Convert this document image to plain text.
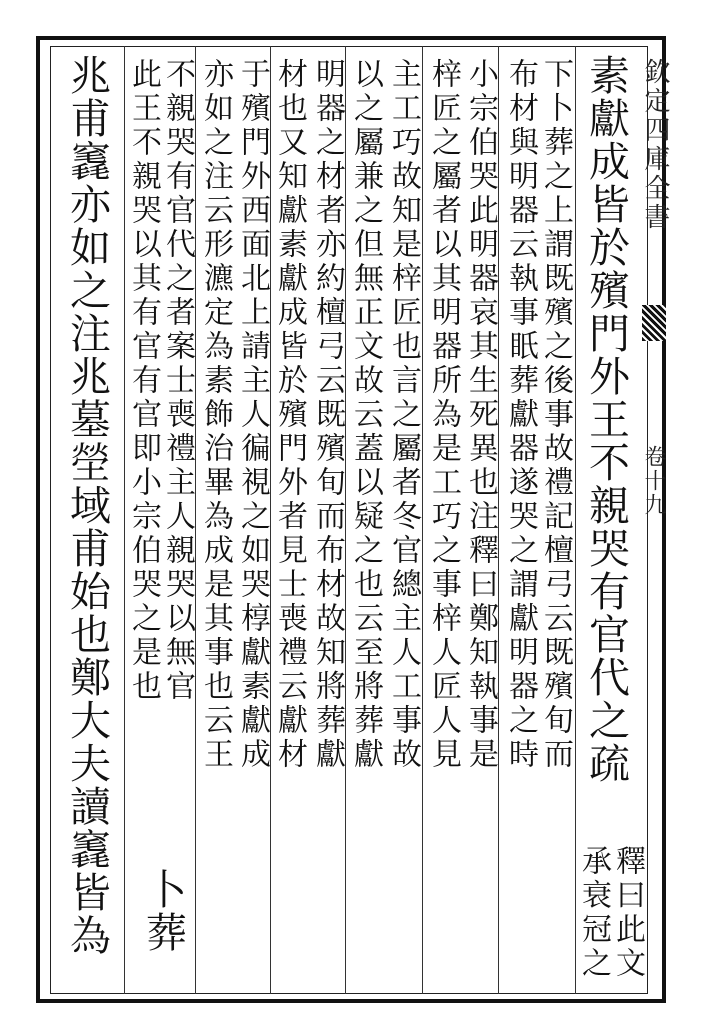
欽定四庫全書
卷十九
素獻成皆於殯門外王不親哭有官代之疏
釋曰此文
承衰冠之
下卜葬之上謂既殯之後事故禮記檀弓云既殯旬而
布材與明器云執事眂葬獻器遂哭之謂獻明器之時
小宗伯哭此明器哀其生死異也注釋曰鄭知執事是
梓匠之屬者以其明器所為是工巧之事梓人匠人見
主工巧故知是梓匠也言之屬者冬官總主人工事故
以之屬兼之但無正文故云蓋以疑之也云至將葬獻
明器之材者亦約檀弓云既殯旬而布材故知將葬獻
材也又知獻素獻成皆於殯門外者見士喪禮云獻材
于殯門外西面北上請主人徧視之如哭椁獻素獻成
亦如之注云形瀌定為素飾治畢為成是其事也云王
不親哭有官代之者案士喪禮主人親哭以無官
此王不親哭以其有官有官即小宗伯哭之是也
卜葬
兆甫竁亦如之注兆墓塋域甫始也鄭大夫讀竁皆為
